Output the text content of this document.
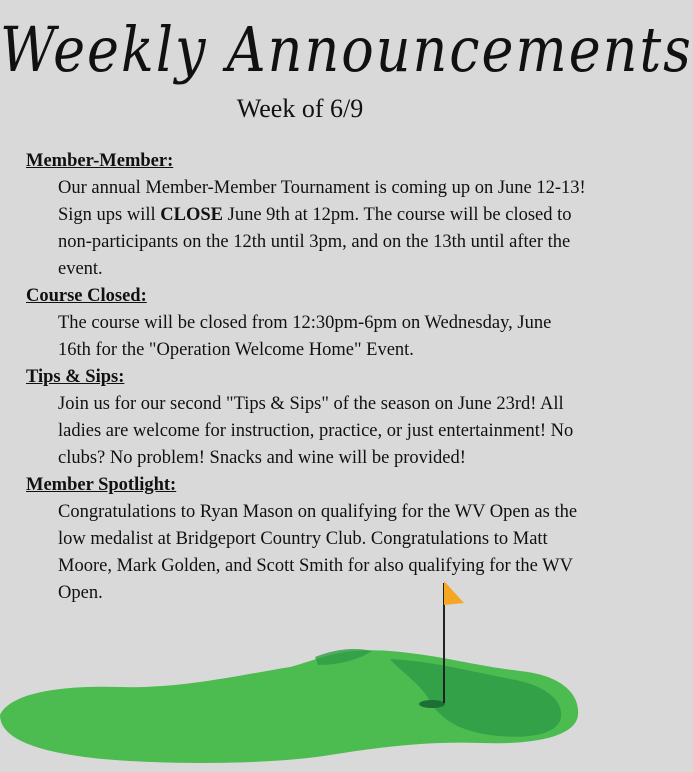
Weekly Announcements
Week of 6/9
Member-Member:
Our annual Member-Member Tournament is coming up on June 12-13! Sign ups will CLOSE June 9th at 12pm. The course will be closed to non-participants on the 12th until 3pm, and on the 13th until after the event.
Course Closed:
The course will be closed from 12:30pm-6pm on Wednesday, June 16th for the "Operation Welcome Home" Event.
Tips & Sips:
Join us for our second "Tips & Sips" of the season on June 23rd! All ladies are welcome for instruction, practice, or just entertainment! No clubs? No problem! Snacks and wine will be provided!
Member Spotlight:
Congratulations to Ryan Mason on qualifying for the WV Open as the low medalist at Bridgeport Country Club. Congratulations to Matt Moore, Mark Golden, and Scott Smith for also qualifying for the WV Open.
